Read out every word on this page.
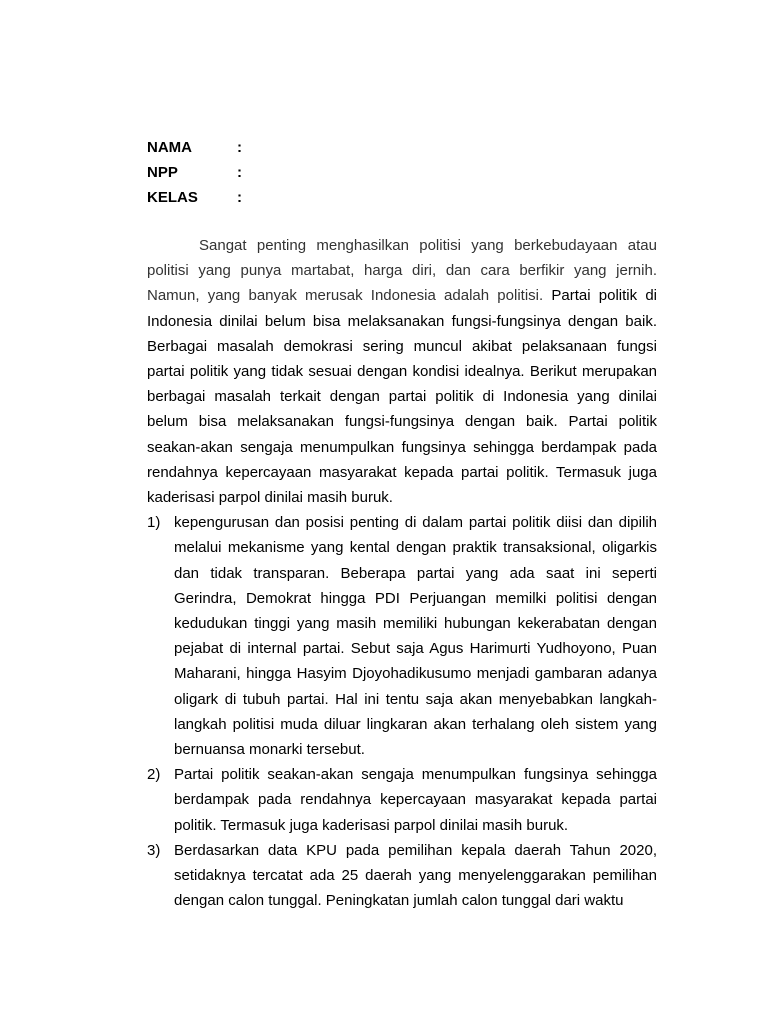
NAMA	:
NPP	:
KELAS	:

Sangat penting menghasilkan politisi yang berkebudayaan atau politisi yang punya martabat, harga diri, dan cara berfikir yang jernih. Namun, yang banyak merusak Indonesia adalah politisi. Partai politik di Indonesia dinilai belum bisa melaksanakan fungsi-fungsinya dengan baik. Berbagai masalah demokrasi sering muncul akibat pelaksanaan fungsi partai politik yang tidak sesuai dengan kondisi idealnya. Berikut merupakan berbagai masalah terkait dengan partai politik di Indonesia yang dinilai belum bisa melaksanakan fungsi-fungsinya dengan baik. Partai politik seakan-akan sengaja menumpulkan fungsinya sehingga berdampak pada rendahnya kepercayaan masyarakat kepada partai politik. Termasuk juga kaderisasi parpol dinilai masih buruk.

1) kepengurusan dan posisi penting di dalam partai politik diisi dan dipilih melalui mekanisme yang kental dengan praktik transaksional, oligarkis dan tidak transparan. Beberapa partai yang ada saat ini seperti Gerindra, Demokrat hingga PDI Perjuangan memilki politisi dengan kedudukan tinggi yang masih memiliki hubungan kekerabatan dengan pejabat di internal partai. Sebut saja Agus Harimurti Yudhoyono, Puan Maharani, hingga Hasyim Djoyohadikusumo menjadi gambaran adanya oligark di tubuh partai. Hal ini tentu saja akan menyebabkan langkah-langkah politisi muda diluar lingkaran akan terhalang oleh sistem yang bernuansa monarki tersebut.
2) Partai politik seakan-akan sengaja menumpulkan fungsinya sehingga berdampak pada rendahnya kepercayaan masyarakat kepada partai politik. Termasuk juga kaderisasi parpol dinilai masih buruk.
3) Berdasarkan data KPU pada pemilihan kepala daerah Tahun 2020, setidaknya tercatat ada 25 daerah yang menyelenggarakan pemilihan dengan calon tunggal. Peningkatan jumlah calon tunggal dari waktu
